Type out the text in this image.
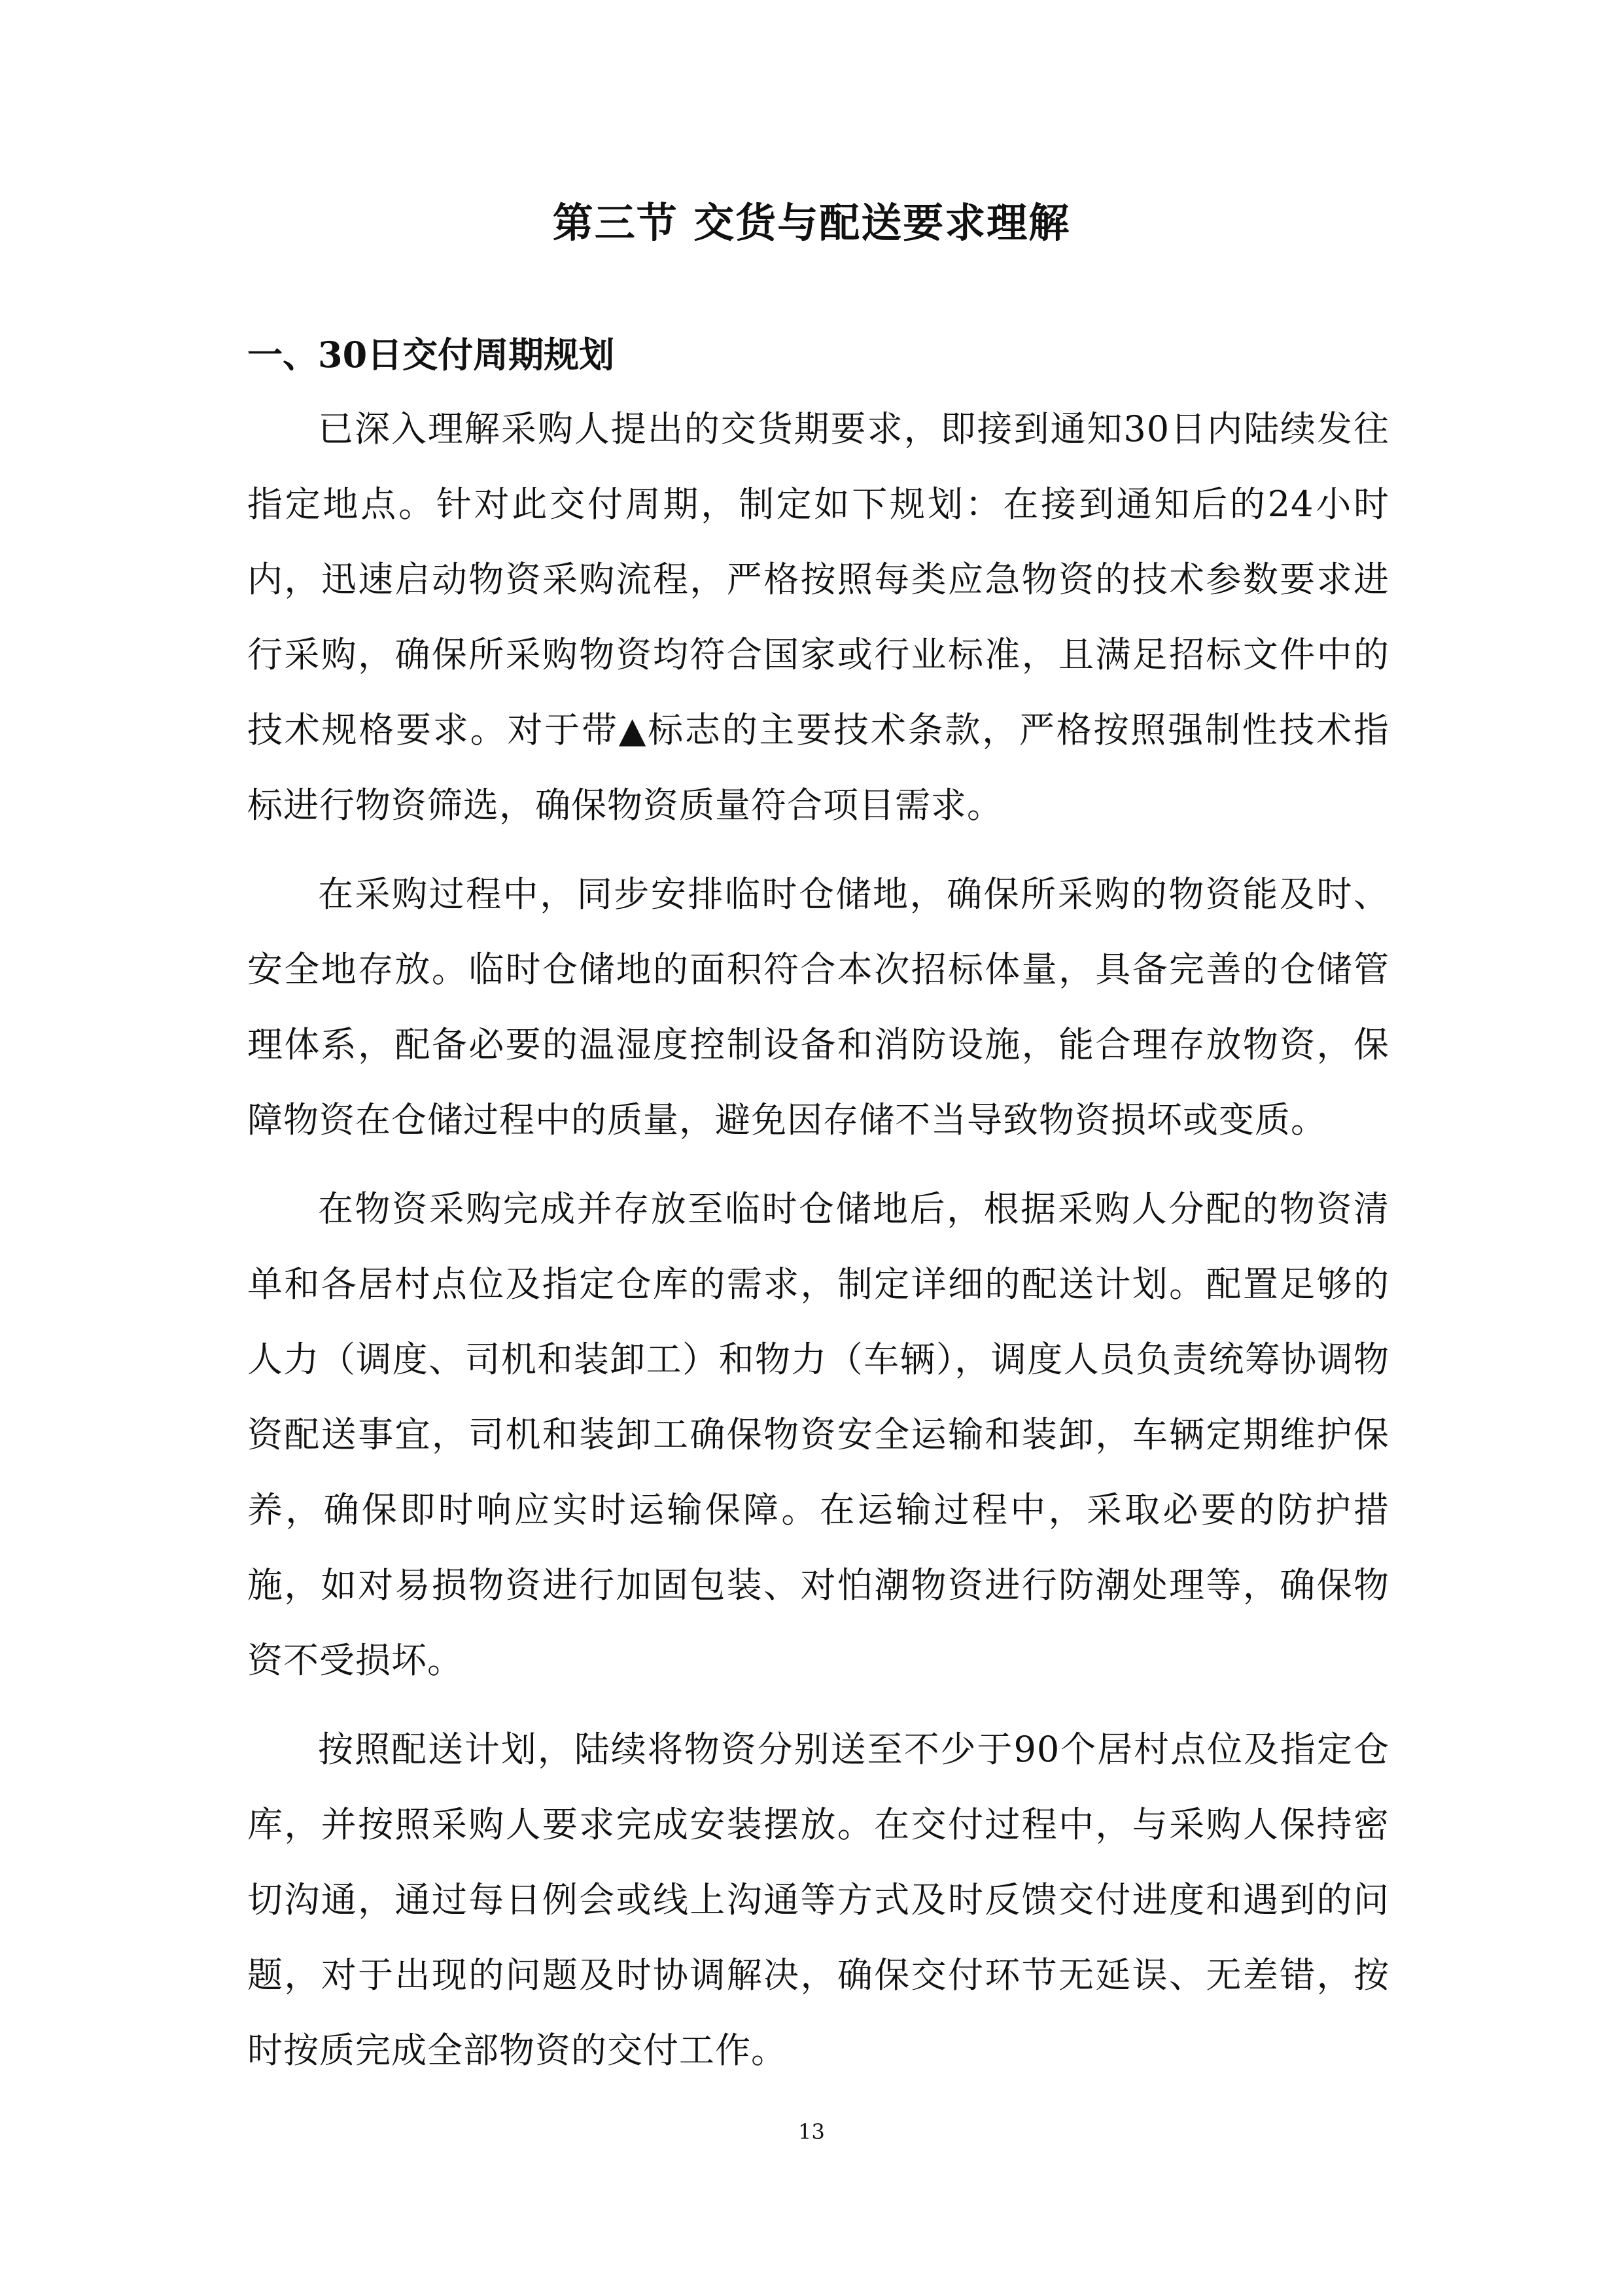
第三节 交货与配送要求理解
一、30日交付周期规划

已深入理解采购人提出的交货期要求，即接到通知30日内陆续发往指定地点。针对此交付周期，制定如下规划：在接到通知后的24小时内，迅速启动物资采购流程，严格按照每类应急物资的技术参数要求进行采购，确保所采购物资均符合国家或行业标准，且满足招标文件中的技术规格要求。对于带▲标志的主要技术条款，严格按照强制性技术指标进行物资筛选，确保物资质量符合项目需求。

在采购过程中，同步安排临时仓储地，确保所采购的物资能及时、安全地存放。临时仓储地的面积符合本次招标体量，具备完善的仓储管理体系，配备必要的温湿度控制设备和消防设施，能合理存放物资，保障物资在仓储过程中的质量，避免因存储不当导致物资损坏或变质。

在物资采购完成并存放至临时仓储地后，根据采购人分配的物资清单和各居村点位及指定仓库的需求，制定详细的配送计划。配置足够的人力（调度、司机和装卸工）和物力（车辆），调度人员负责统筹协调物资配送事宜，司机和装卸工确保物资安全运输和装卸，车辆定期维护保养，确保即时响应实时运输保障。在运输过程中，采取必要的防护措施，如对易损物资进行加固包装、对怕潮物资进行防潮处理等，确保物资不受损坏。

按照配送计划，陆续将物资分别送至不少于90个居村点位及指定仓库，并按照采购人要求完成安装摆放。在交付过程中，与采购人保持密切沟通，通过每日例会或线上沟通等方式及时反馈交付进度和遇到的问题，对于出现的问题及时协调解决，确保交付环节无延误、无差错，按时按质完成全部物资的交付工作。

13
